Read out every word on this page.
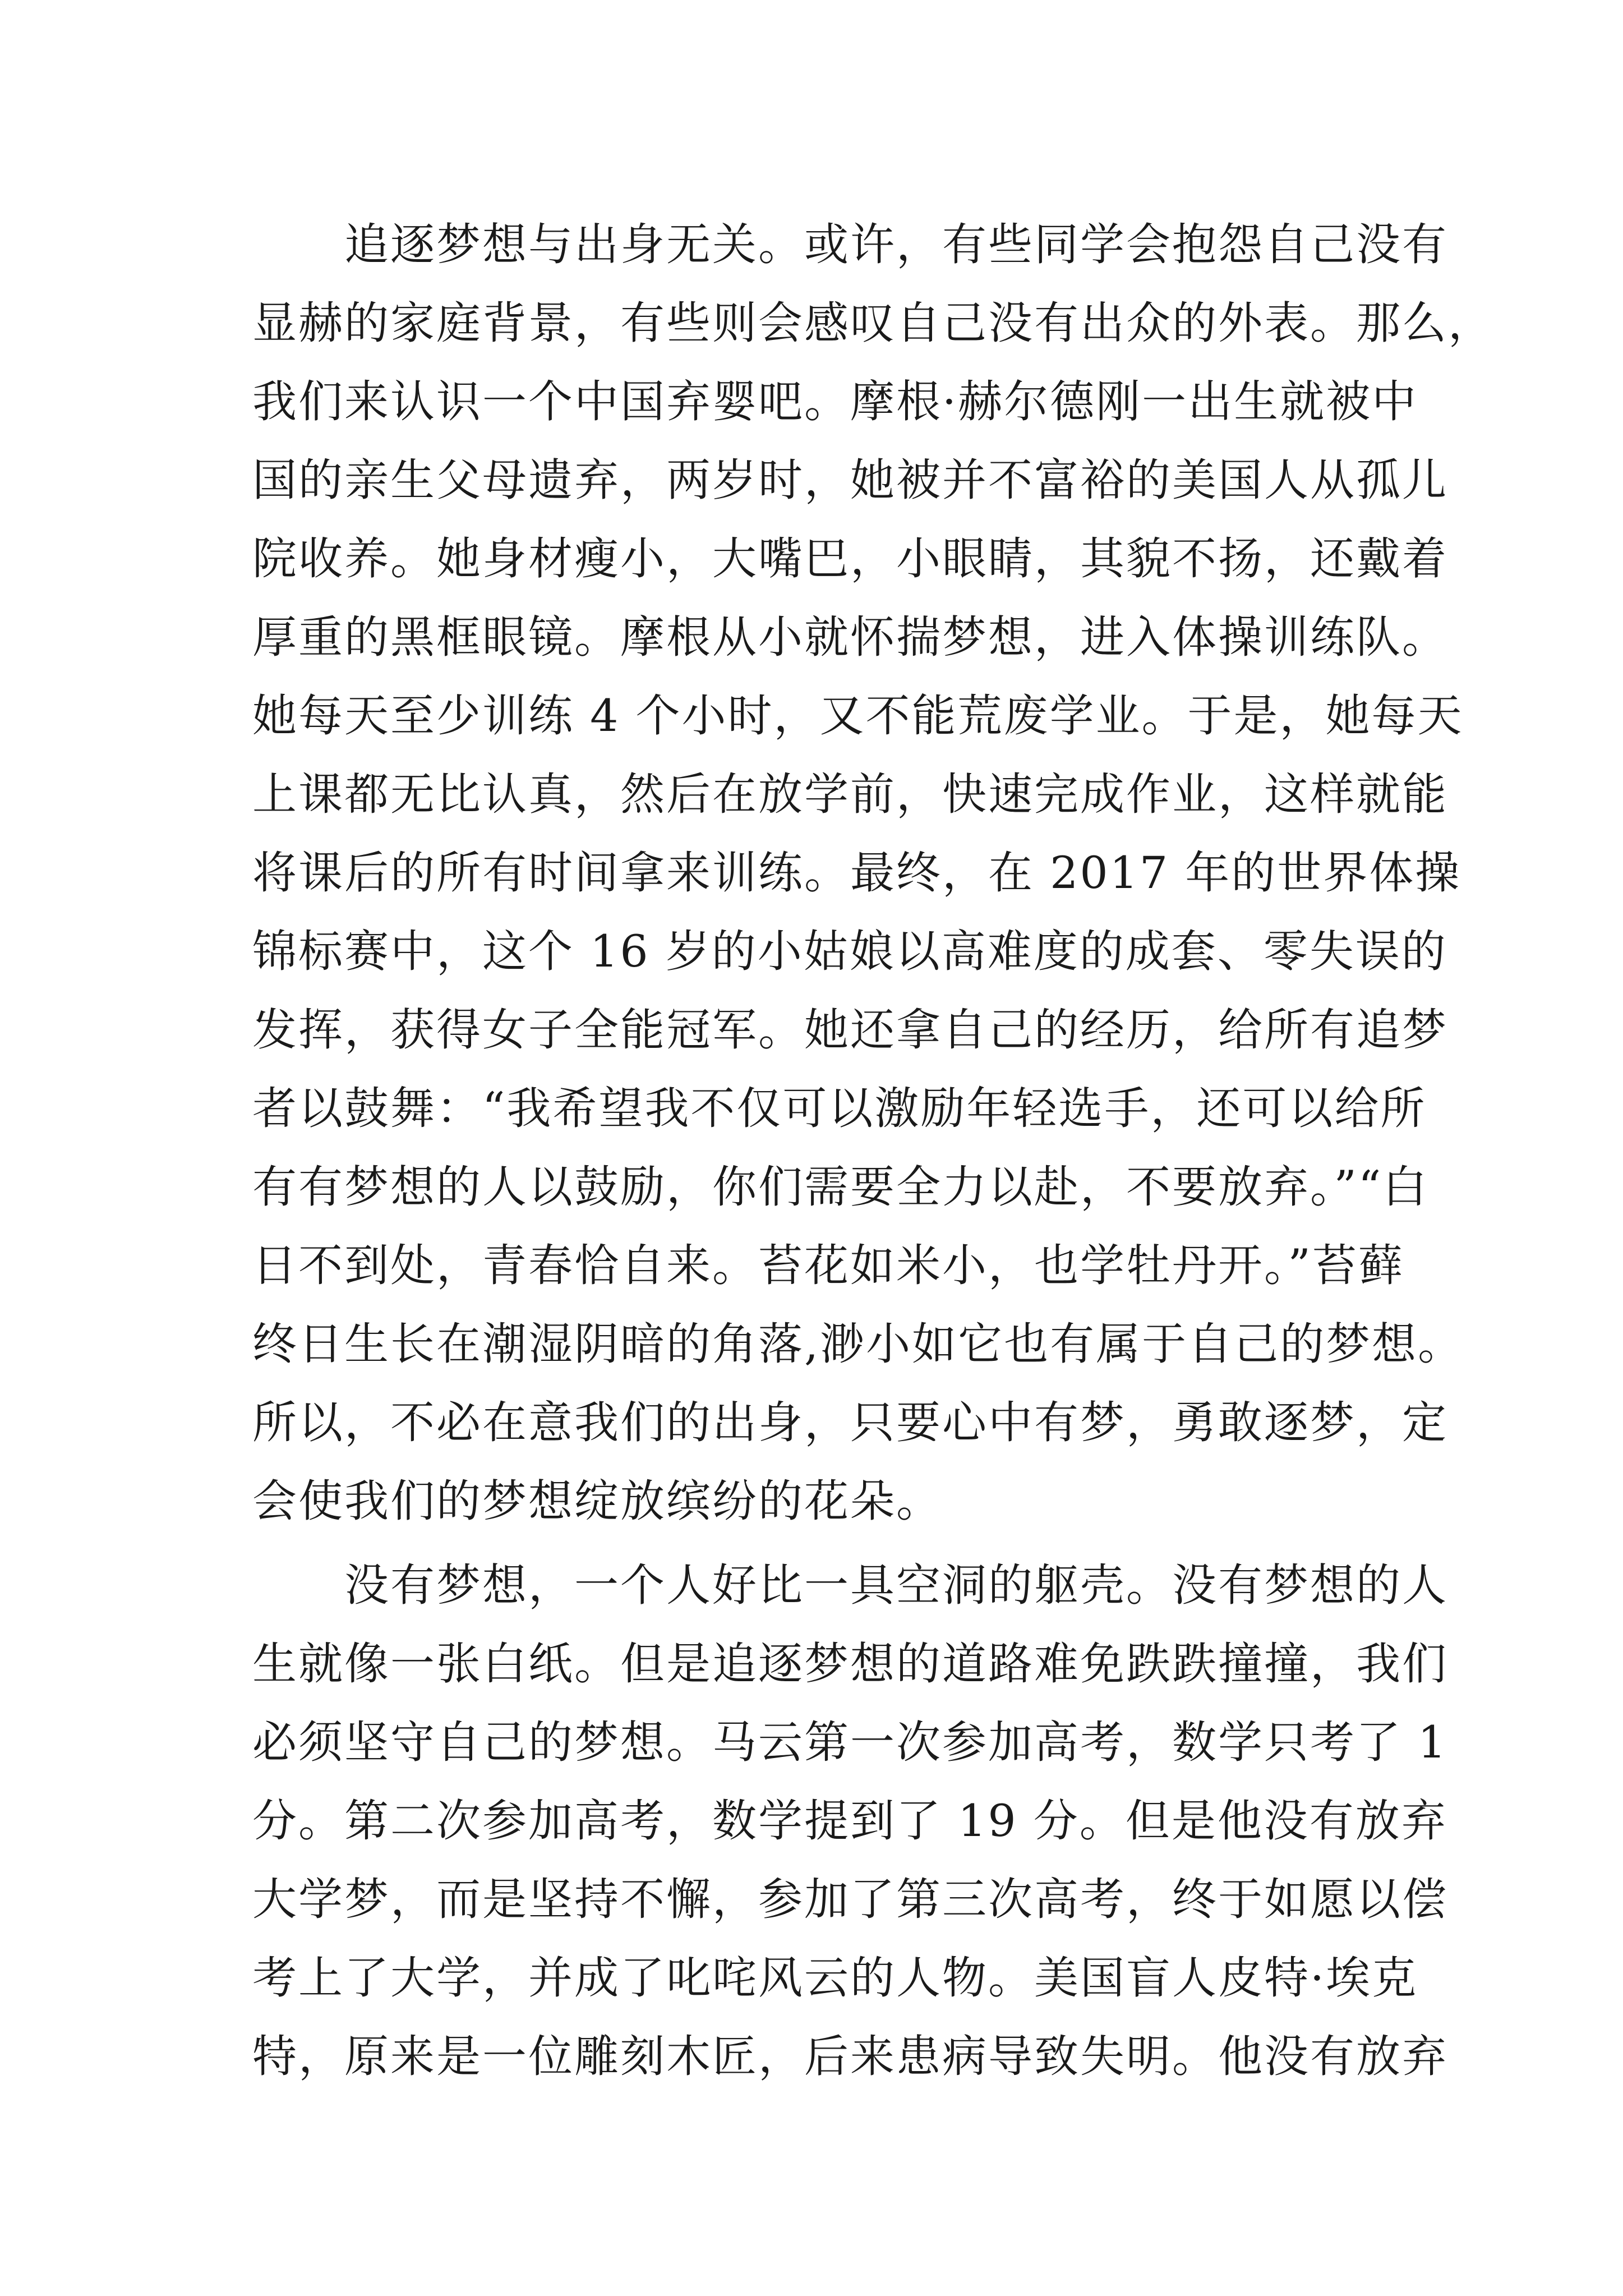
　　追逐梦想与出身无关。或许，有些同学会抱怨自己没有
显赫的家庭背景，有些则会感叹自己没有出众的外表。那么，
我们来认识一个中国弃婴吧。摩根·赫尔德刚一出生就被中
国的亲生父母遗弃，两岁时，她被并不富裕的美国人从孤儿
院收养。她身材瘦小，大嘴巴，小眼睛，其貌不扬，还戴着
厚重的黑框眼镜。摩根从小就怀揣梦想，进入体操训练队。
她每天至少训练 4 个小时，又不能荒废学业。于是，她每天
上课都无比认真，然后在放学前，快速完成作业，这样就能
将课后的所有时间拿来训练。最终，在 2017 年的世界体操
锦标赛中，这个 16 岁的小姑娘以高难度的成套、零失误的
发挥，获得女子全能冠军。她还拿自己的经历，给所有追梦
者以鼓舞：“我希望我不仅可以激励年轻选手，还可以给所
有有梦想的人以鼓励，你们需要全力以赴，不要放弃。”“白
日不到处，青春恰自来。苔花如米小，也学牡丹开。”苔藓
终日生长在潮湿阴暗的角落,渺小如它也有属于自己的梦想。
所以，不必在意我们的出身，只要心中有梦，勇敢逐梦，定
会使我们的梦想绽放缤纷的花朵。
　　没有梦想，一个人好比一具空洞的躯壳。没有梦想的人
生就像一张白纸。但是追逐梦想的道路难免跌跌撞撞，我们
必须坚守自己的梦想。马云第一次参加高考，数学只考了 1
分。第二次参加高考，数学提到了 19 分。但是他没有放弃
大学梦，而是坚持不懈，参加了第三次高考，终于如愿以偿
考上了大学，并成了叱咤风云的人物。美国盲人皮特·埃克
特，原来是一位雕刻木匠，后来患病导致失明。他没有放弃
